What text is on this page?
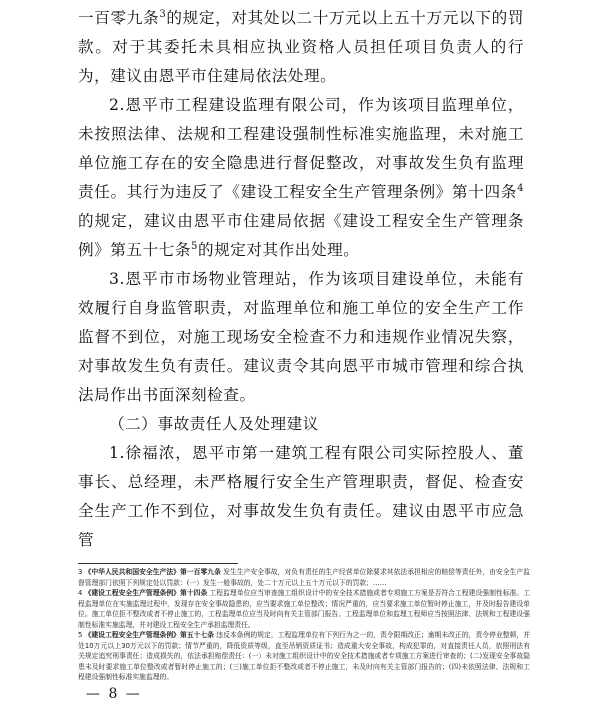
一百零九条$^3$的规定，对其处以二十万元以上五十万元以下的罚款。对于其委托未具相应执业资格人员担任项目负责人的行为，建议由恩平市住建局依法处理。

2.恩平市工程建设监理有限公司，作为该项目监理单位，未按照法律、法规和工程建设强制性标准实施监理，未对施工单位施工存在的安全隐患进行督促整改，对事故发生负有监理责任。其行为违反了《建设工程安全生产管理条例》第十四条$^4$的规定，建议由恩平市住建局依据《建设工程安全生产管理条例》第五十七条$^5$的规定对其作出处理。

3.恩平市市场物业管理站，作为该项目建设单位，未能有效履行自身监管职责，对监理单位和施工单位的安全生产工作监督不到位，对施工现场安全检查不力和违规作业情况失察，对事故发生负有责任。建议责令其向恩平市城市管理和综合执法局作出书面深刻检查。

（二）事故责任人及处理建议

1.徐福浓，恩平市第一建筑工程有限公司实际控股人、董事长、总经理，未严格履行安全生产管理职责，督促、检查安全生产工作不到位，对事故发生负有责任。建议由恩平市应急管

3 《中华人民共和国安全生产法》第一百零九条 发生生产安全事故，对负有责任的生产经营单位除要求其依法承担相应的赔偿等责任外，由安全生产监督管理部门依照下列规定处以罚款：(一）发生一般事故的，处二十万元以上五十万元以下的罚款；……

4 《建设工程安全生产管理条例》第十四条 工程监理单位应当审查施工组织设计中的安全技术措施或者专项施工方案是否符合工程建设强制性标准。工程监理单位在实施监理过程中，发现存在安全事故隐患的，应当要求施工单位整改；情况严重的，应当要求施工单位暂时停止施工，并及时报告建设单位。施工单位拒不整改或者不停止施工的，工程监理单位应当及时向有关主管部门报告。工程监理单位和监理工程师应当按照法律、法规和工程建设强制性标准实施监理，并对建设工程安全生产承担监理责任。

5 《建设工程安全生产管理条例》第五十七条 违反本条例的规定，工程监理单位有下列行为之一的，责令限期改正；逾期未改正的，责令停业整顿，并处10万元以上30万元以下的罚款；情节严重的，降低资质等级，直至吊销资质证书；造成重大安全事故，构成犯罪的，对直接责任人员，依照刑法有关规定追究刑事责任；造成损失的，依法承担赔偿责任：(一）未对施工组织设计中的安全技术措施或者专项施工方案进行审查的；(二)发现安全事故隐患未及时要求施工单位整改或者暂时停止施工的；(三)施工单位拒不整改或者不停止施工，未及时向有关主管部门报告的；(四)未依照法律、法规和工程建设强制性标准实施监理的。

— 8 —
